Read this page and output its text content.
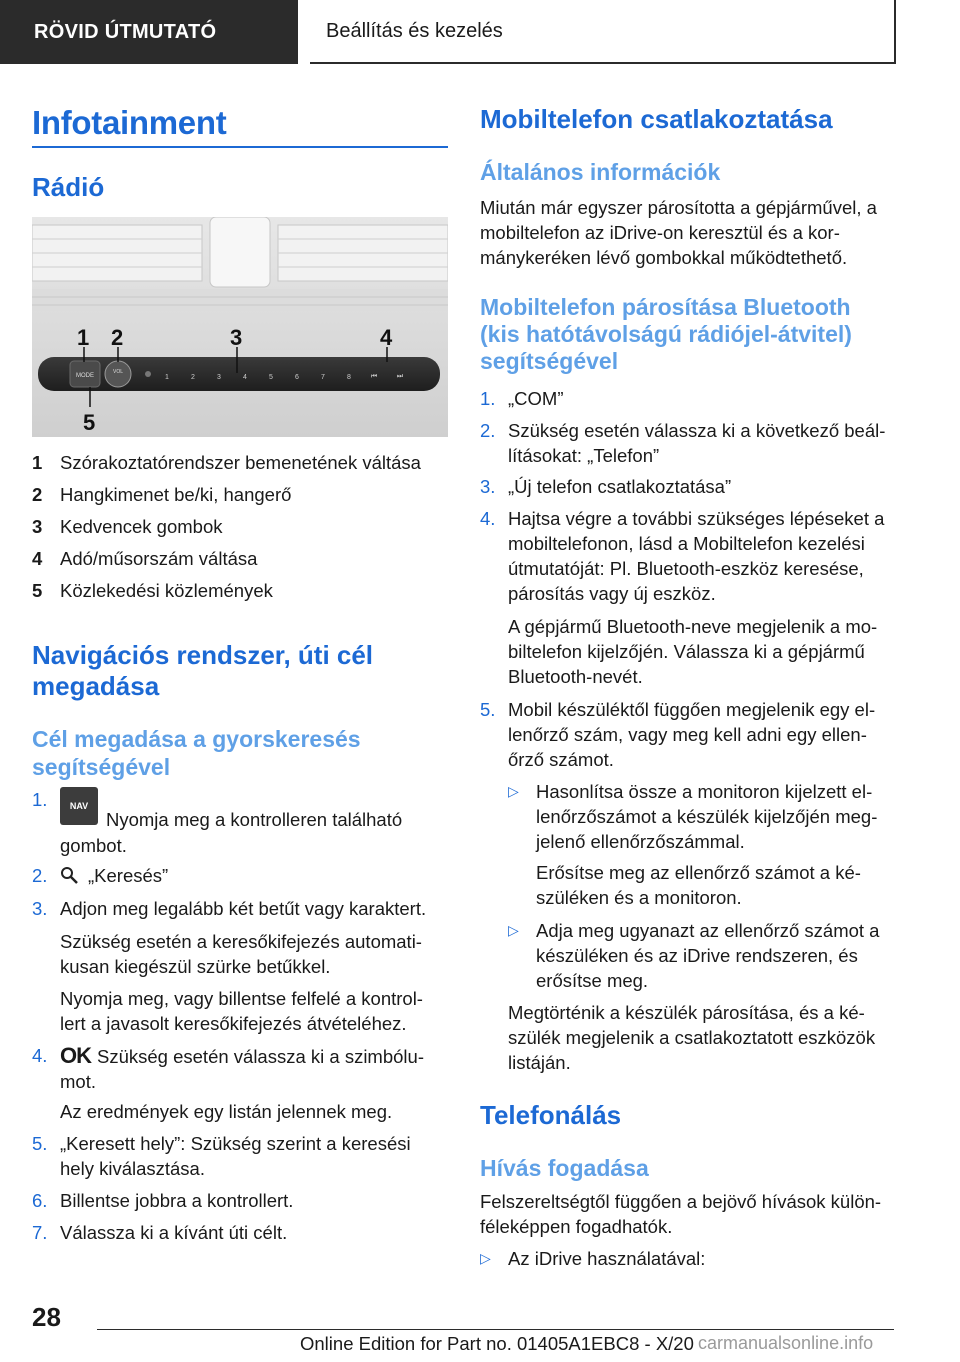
RÖVID ÚTMUTATÓ	Beállítás és kezelés
Infotainment
Rádió
MODE
VOL
1	2	3	4	5	6	7	8	⏮	⏭
1 2	3	4
5
1 Szórakoztatórendszer bemenetének váltása
2 Hangkimenet be/ki, hangerő
3 Kedvencek gombok
4 Adó/műsorszám váltása
5 Közlekedési közlemények
Navigációs rendszer, úti cél
megadása
Cél megadása a gyorskeresés
segítségével
1.	NAVNyomja meg a kontrolleren található
gombot.
2.	„Keresés”
3. Adjon meg legalább két betűt vagy karaktert.
Szükség esetén a keresőkifejezés automati-
kusan kiegészül szürke betűkkel.
Nyomja meg, vagy billentse felfelé a kontrol-
lert a javasolt keresőkifejezés átvételéhez.
4. OK Szükség esetén válassza ki a szimbólu-
mot.
Az eredmények egy listán jelennek meg.
5. „Keresett hely”: Szükség szerint a keresési
hely kiválasztása.
6. Billentse jobbra a kontrollert.
7. Válassza ki a kívánt úti célt.
Mobiltelefon csatlakoztatása
Általános információk
Miután már egyszer párosította a gépjárművel, a
mobiltelefon az iDrive-on keresztül és a kor-
mánykeréken lévő gombokkal működtethető.
Mobiltelefon párosítása Bluetooth
(kis hatótávolságú rádiójel-átvitel)
segítségével
1. „COM”
2. Szükség esetén válassza ki a következő beál-
lításokat: „Telefon”
3. „Új telefon csatlakoztatása”
4. Hajtsa végre a további szükséges lépéseket a
mobiltelefonon, lásd a Mobiltelefon kezelési
útmutatóját: Pl. Bluetooth-eszköz keresése,
párosítás vagy új eszköz.
A gépjármű Bluetooth-neve megjelenik a mo-
biltelefon kijelzőjén. Válassza ki a gépjármű
Bluetooth-nevét.
5. Mobil készüléktől függően megjelenik egy el-
lenőrző szám, vagy meg kell adni egy ellen-
őrző számot.
▷ Hasonlítsa össze a monitoron kijelzett el-
lenőrzőszámot a készülék kijelzőjén meg-
jelenő ellenőrzőszámmal.
Erősítse meg az ellenőrző számot a ké-
szüléken és a monitoron.
▷ Adja meg ugyanazt az ellenőrző számot a
készüléken és az iDrive rendszeren, és
erősítse meg.
Megtörténik a készülék párosítása, és a ké-
szülék megjelenik a csatlakoztatott eszközök
listáján.
Telefonálás
Hívás fogadása
Felszereltségtől függően a bejövő hívások külön-
féleképpen fogadhatók.
▷ Az iDrive használatával:
28
Online Edition for Part no. 01405A1EBC8 - X/20 carmanualsonline.info
